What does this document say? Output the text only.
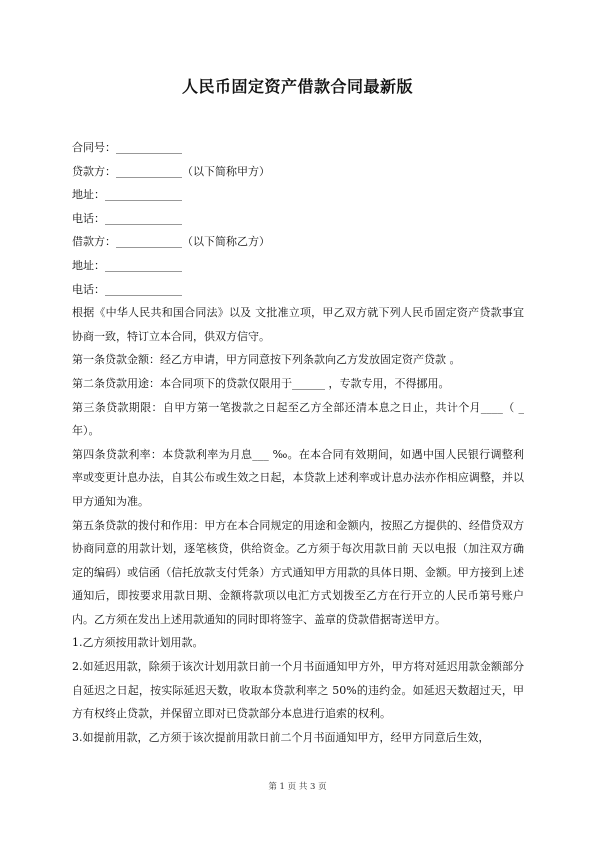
人民币固定资产借款合同最新版
合同号：____________
贷款方：____________（以下简称甲方）
地址：______________
电话：______________
借款方：____________（以下简称乙方）
地址：______________
电话：______________
根据《中华人民共和国合同法》以及 文批准立项，甲乙双方就下列人民币固定资产贷款事宜协商一致，特订立本合同，供双方信守。
第一条贷款金额：经乙方申请，甲方同意按下列条款向乙方发放固定资产贷款 。
第二条贷款用途：本合同项下的贷款仅限用于______ ，专款专用，不得挪用。
第三条贷款期限：自甲方第一笔拨款之日起至乙方全部还清本息之日止，共计个月____（ _年）。
第四条贷款利率：本贷款利率为月息___ ‰。在本合同有效期间，如遇中国人民银行调整利率或变更计息办法，自其公布或生效之日起，本贷款上述利率或计息办法亦作相应调整，并以甲方通知为准。
第五条贷款的拨付和作用：甲方在本合同规定的用途和金额内，按照乙方提供的、经借贷双方协商同意的用款计划，逐笔核贷，供给资金。乙方须于每次用款日前 天以电报（加注双方确定的编码）或信函（信托放款支付凭条）方式通知甲方用款的具体日期、金额。甲方接到上述通知后，即按要求用款日期、金额将款项以电汇方式划拨至乙方在行开立的人民币第号账户内。乙方须在发出上述用款通知的同时即将签字、盖章的贷款借据寄送甲方。
1.乙方须按用款计划用款。
2.如延迟用款，除须于该次计划用款日前一个月书面通知甲方外，甲方将对延迟用款金额部分自延迟之日起，按实际延迟天数，收取本贷款利率之 50%的违约金。如延迟天数超过天，甲方有权终止贷款，并保留立即对已贷款部分本息进行追索的权利。
3.如提前用款，乙方须于该次提前用款日前二个月书面通知甲方，经甲方同意后生效，
第 1 页 共 3 页
